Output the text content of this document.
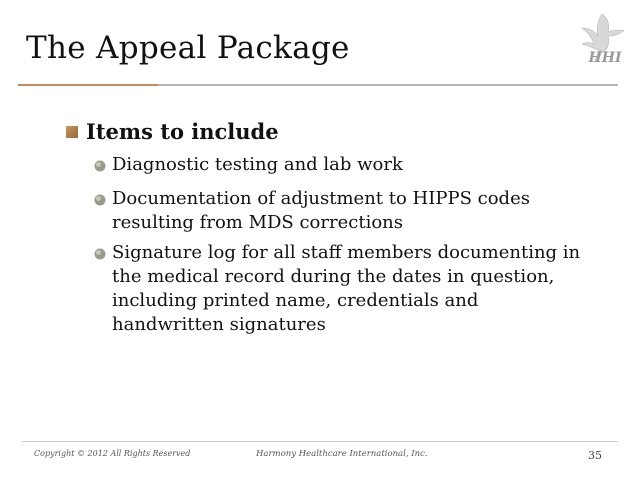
The Appeal Package	HHI
Items to include
Diagnostic testing and lab work
Documentation of adjustment to HIPPS codes resulting from MDS corrections
Signature log for all staff members documenting in the medical record during the dates in question, including printed name, credentials and handwritten signatures
Copyright © 2012 All Rights Reserved	Harmony Healthcare International, Inc.	35
